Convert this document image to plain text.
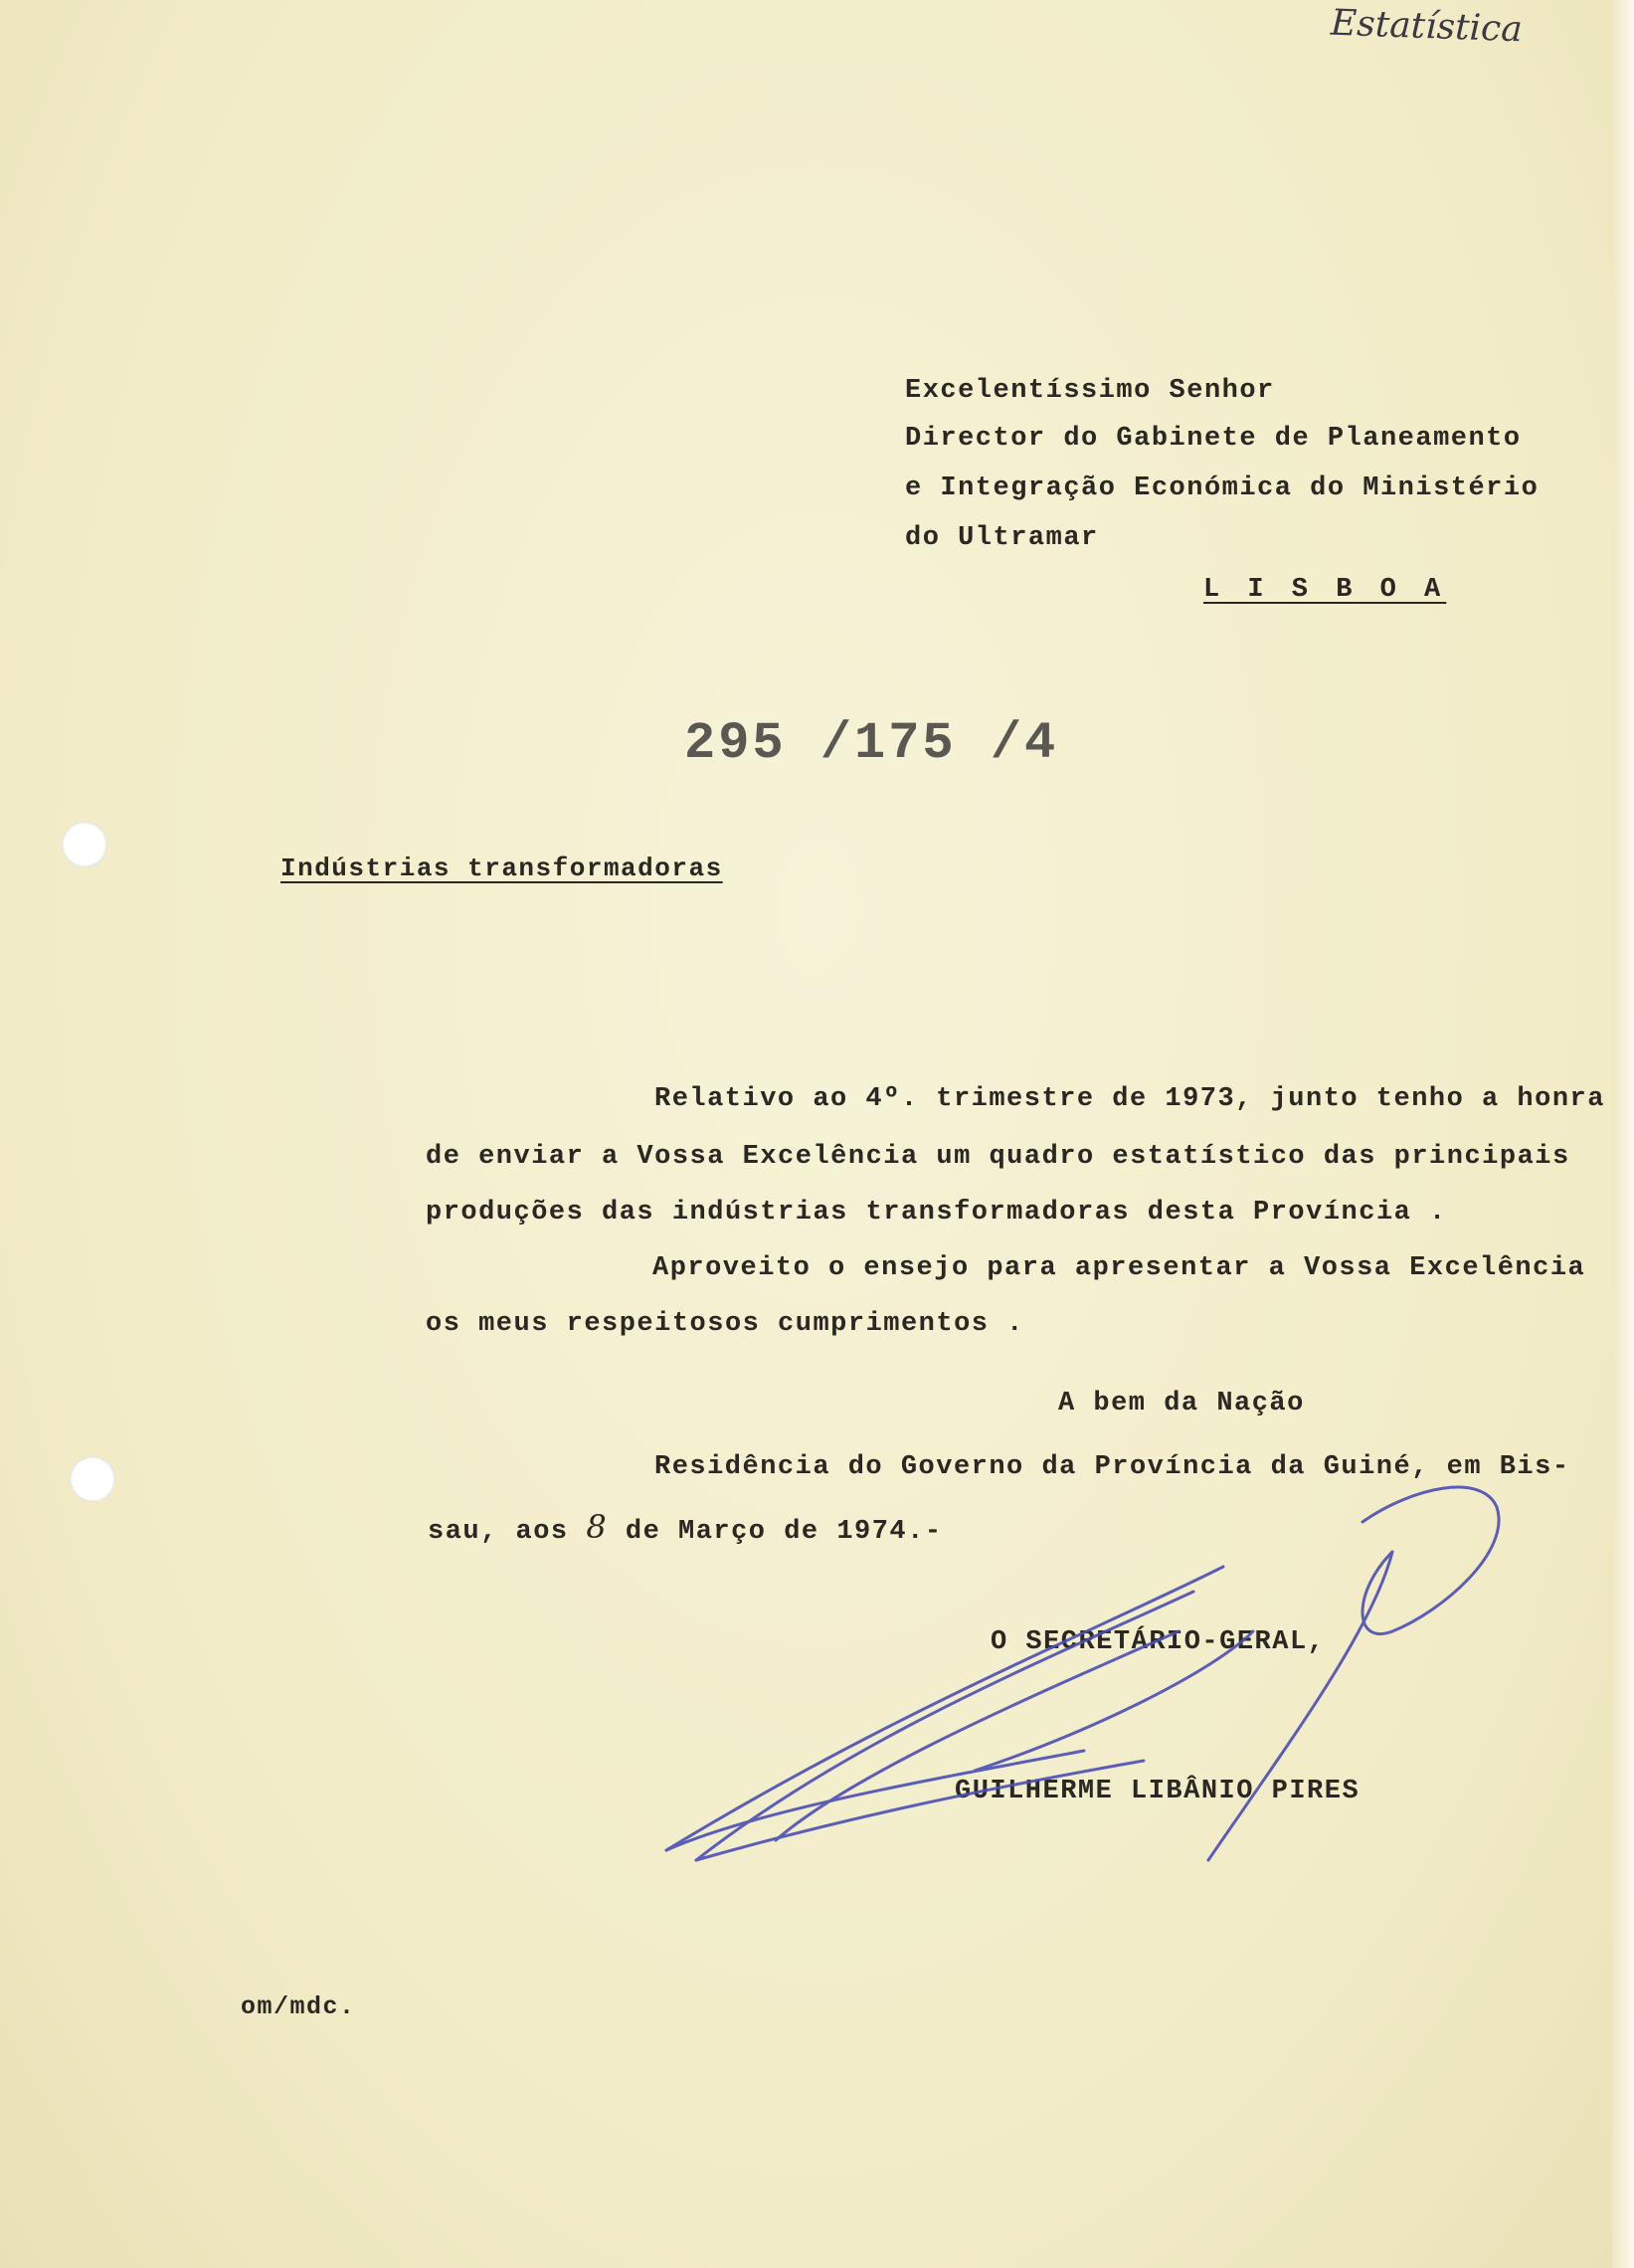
Estatística
Excelentíssimo Senhor
Director do Gabinete de Planeamento
e Integração Económica do Ministério
do Ultramar
L I S B O A
295 /175 /4
Indústrias transformadoras
Relativo ao 4º. trimestre de 1973, junto tenho a honra
de enviar a Vossa Excelência um quadro estatístico das principais
produções das indústrias transformadoras desta Província .
Aproveito o ensejo para apresentar a Vossa Excelência
os meus respeitosos cumprimentos .
A bem da Nação
Residência do Governo da Província da Guiné, em Bis-
sau, aos 8 de Março de 1974.-
O SECRETÁRIO-GERAL,
GUILHERME LIBÂNIO PIRES
om/mdc.
